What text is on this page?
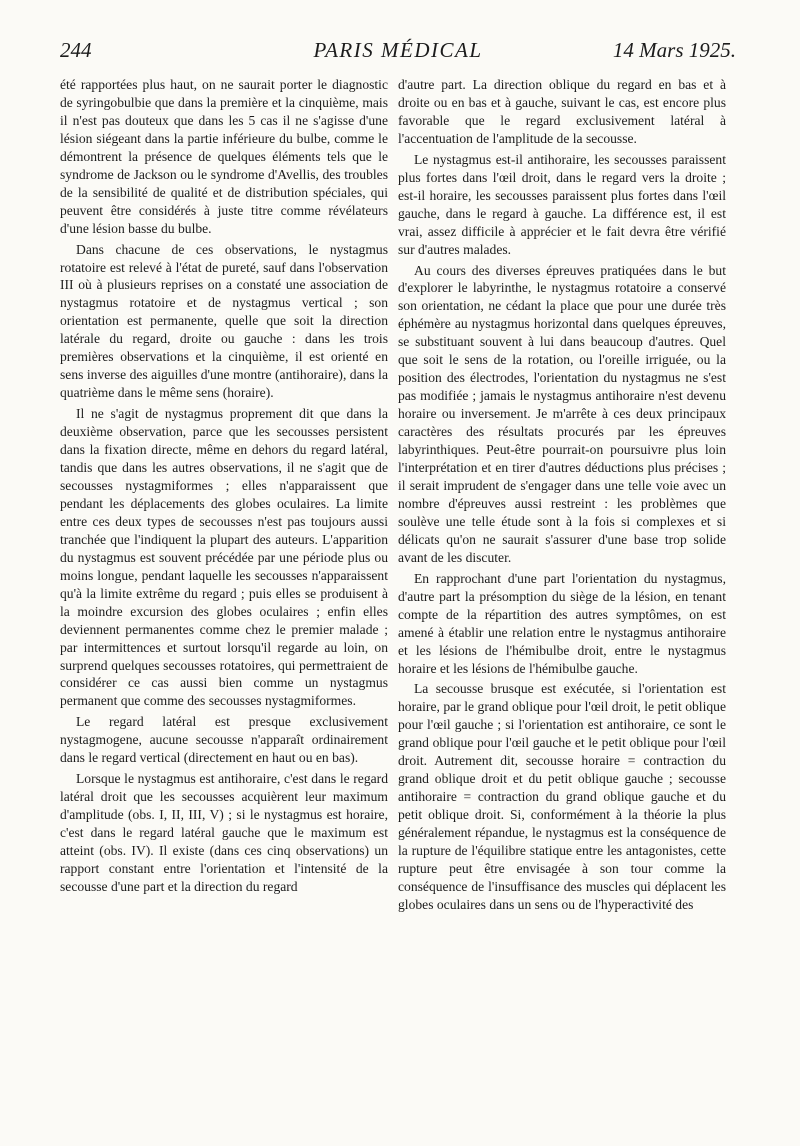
244	PARIS MÉDICAL	14 Mars 1925.

été rapportées plus haut, on ne saurait porter le diagnostic de syringobulbie que dans la première et la cinquième, mais il n'est pas douteux que dans les 5 cas il ne s'agisse d'une lésion siégeant dans la partie inférieure du bulbe, comme le démontrent la présence de quelques éléments tels que le syndrome de Jackson ou le syndrome d'Avellis, des troubles de la sensibilité de qualité et de distribution spéciales, qui peuvent être considérés à juste titre comme révélateurs d'une lésion basse du bulbe.

Dans chacune de ces observations, le nystagmus rotatoire est relevé à l'état de pureté, sauf dans l'observation III où à plusieurs reprises on a constaté une association de nystagmus rotatoire et de nystagmus vertical ; son orientation est permanente, quelle que soit la direction latérale du regard, droite ou gauche : dans les trois premières observations et la cinquième, il est orienté en sens inverse des aiguilles d'une montre (antihoraire), dans la quatrième dans le même sens (horaire).

Il ne s'agit de nystagmus proprement dit que dans la deuxième observation, parce que les secousses persistent dans la fixation directe, même en dehors du regard latéral, tandis que dans les autres observations, il ne s'agit que de secousses nystagmiformes ; elles n'apparaissent que pendant les déplacements des globes oculaires. La limite entre ces deux types de secousses n'est pas toujours aussi tranchée que l'indiquent la plupart des auteurs. L'apparition du nystagmus est souvent précédée par une période plus ou moins longue, pendant laquelle les secousses n'apparaissent qu'à la limite extrême du regard ; puis elles se produisent à la moindre excursion des globes oculaires ; enfin elles deviennent permanentes comme chez le premier malade ; par intermittences et surtout lorsqu'il regarde au loin, on surprend quelques secousses rotatoires, qui permettraient de considérer ce cas aussi bien comme un nystagmus permanent que comme des secousses nystagmiformes.

Le regard latéral est presque exclusivement nystagmogene, aucune secousse n'apparaît ordinairement dans le regard vertical (directement en haut ou en bas).

Lorsque le nystagmus est antihoraire, c'est dans le regard latéral droit que les secousses acquièrent leur maximum d'amplitude (obs. I, II, III, V) ; si le nystagmus est horaire, c'est dans le regard latéral gauche que le maximum est atteint (obs. IV). Il existe (dans ces cinq observations) un rapport constant entre l'orientation et l'intensité de la secousse d'une part et la direction du regard

d'autre part. La direction oblique du regard en bas et à droite ou en bas et à gauche, suivant le cas, est encore plus favorable que le regard exclusivement latéral à l'accentuation de l'amplitude de la secousse.

Le nystagmus est-il antihoraire, les secousses paraissent plus fortes dans l'œil droit, dans le regard vers la droite ; est-il horaire, les secousses paraissent plus fortes dans l'œil gauche, dans le regard à gauche. La différence est, il est vrai, assez difficile à apprécier et le fait devra être vérifié sur d'autres malades.

Au cours des diverses épreuves pratiquées dans le but d'explorer le labyrinthe, le nystagmus rotatoire a conservé son orientation, ne cédant la place que pour une durée très éphémère au nystagmus horizontal dans quelques épreuves, se substituant souvent à lui dans beaucoup d'autres. Quel que soit le sens de la rotation, ou l'oreille irriguée, ou la position des électrodes, l'orientation du nystagmus ne s'est pas modifiée ; jamais le nystagmus antihoraire n'est devenu horaire ou inversement. Je m'arrête à ces deux principaux caractères des résultats procurés par les épreuves labyrinthiques. Peut-être pourrait-on poursuivre plus loin l'interprétation et en tirer d'autres déductions plus précises ; il serait imprudent de s'engager dans une telle voie avec un nombre d'épreuves aussi restreint : les problèmes que soulève une telle étude sont à la fois si complexes et si délicats qu'on ne saurait s'assurer d'une base trop solide avant de les discuter.

En rapprochant d'une part l'orientation du nystagmus, d'autre part la présomption du siège de la lésion, en tenant compte de la répartition des autres symptômes, on est amené à établir une relation entre le nystagmus antihoraire et les lésions de l'hémibulbe droit, entre le nystagmus horaire et les lésions de l'hémibulbe gauche.

La secousse brusque est exécutée, si l'orientation est horaire, par le grand oblique pour l'œil droit, le petit oblique pour l'œil gauche ; si l'orientation est antihoraire, ce sont le grand oblique pour l'œil gauche et le petit oblique pour l'œil droit. Autrement dit, secousse horaire = contraction du grand oblique droit et du petit oblique gauche ; secousse antihoraire = contraction du grand oblique gauche et du petit oblique droit. Si, conformément à la théorie la plus généralement répandue, le nystagmus est la conséquence de la rupture de l'équilibre statique entre les antagonistes, cette rupture peut être envisagée à son tour comme la conséquence de l'insuffisance des muscles qui déplacent les globes oculaires dans un sens ou de l'hyperactivité des
